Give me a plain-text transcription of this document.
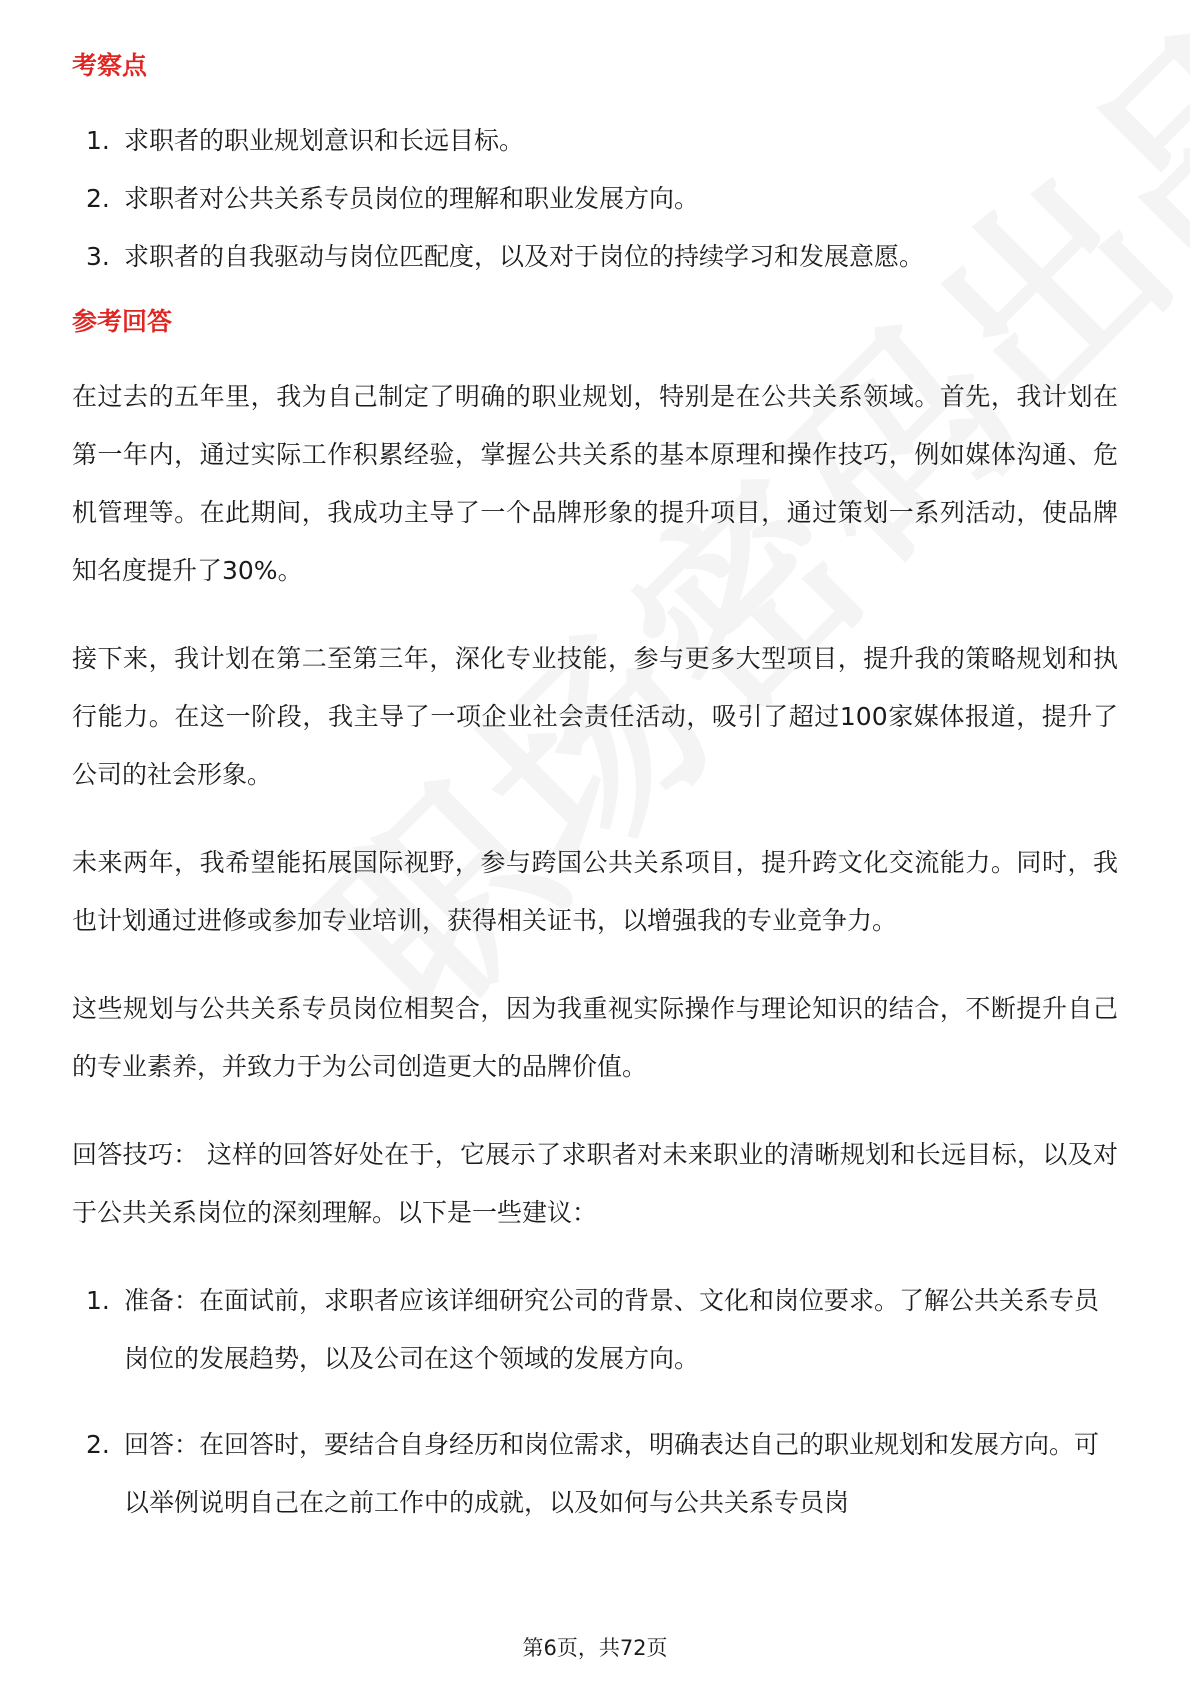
考察点
1. 求职者的职业规划意识和长远目标。
2. 求职者对公共关系专员岗位的理解和职业发展方向。
3. 求职者的自我驱动与岗位匹配度，以及对于岗位的持续学习和发展意愿。
参考回答

在过去的五年里，我为自己制定了明确的职业规划，特别是在公共关系领域。首先，我计划在第一年内，通过实际工作积累经验，掌握公共关系的基本原理和操作技巧，例如媒体沟通、危机管理等。在此期间，我成功主导了一个品牌形象的提升项目，通过策划一系列活动，使品牌知名度提升了30%。

接下来，我计划在第二至第三年，深化专业技能，参与更多大型项目，提升我的策略规划和执行能力。在这一阶段，我主导了一项企业社会责任活动，吸引了超过100家媒体报道，提升了公司的社会形象。

未来两年，我希望能拓展国际视野，参与跨国公共关系项目，提升跨文化交流能力。同时，我也计划通过进修或参加专业培训，获得相关证书，以增强我的专业竞争力。

这些规划与公共关系专员岗位相契合，因为我重视实际操作与理论知识的结合，不断提升自己的专业素养，并致力于为公司创造更大的品牌价值。

回答技巧： 这样的回答好处在于，它展示了求职者对未来职业的清晰规划和长远目标，以及对于公共关系岗位的深刻理解。以下是一些建议：

1. 准备：在面试前，求职者应该详细研究公司的背景、文化和岗位要求。了解公共关系专员岗位的发展趋势，以及公司在这个领域的发展方向。
2. 回答：在回答时，要结合自身经历和岗位需求，明确表达自己的职业规划和发展方向。可以举例说明自己在之前工作中的成就，以及如何与公共关系专员岗
第6页，共72页
